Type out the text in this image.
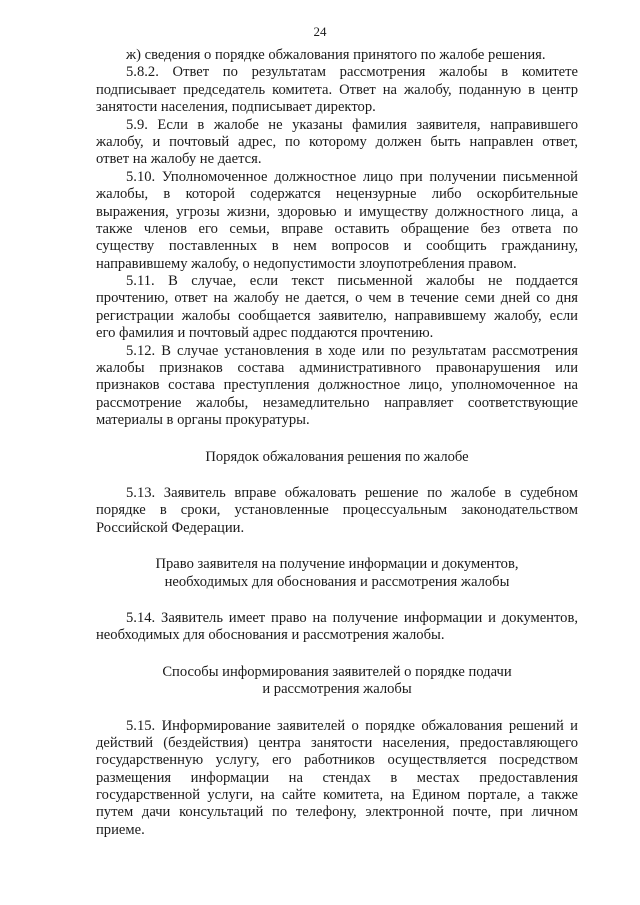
24
ж) сведения о порядке обжалования принятого по жалобе решения.
5.8.2. Ответ по результатам рассмотрения жалобы в комитете
подписывает председатель комитета. Ответ на жалобу, поданную в центр
занятости населения, подписывает директор.
5.9. Если в жалобе не указаны фамилия заявителя, направившего
жалобу, и почтовый адрес, по которому должен быть направлен ответ,
ответ на жалобу не дается.
5.10. Уполномоченное должностное лицо при получении письменной
жалобы, в которой содержатся нецензурные либо оскорбительные
выражения, угрозы жизни, здоровью и имуществу должностного лица, а
также членов его семьи, вправе оставить обращение без ответа по
существу поставленных в нем вопросов и сообщить гражданину,
направившему жалобу, о недопустимости злоупотребления правом.
5.11. В случае, если текст письменной жалобы не поддается
прочтению, ответ на жалобу не дается, о чем в течение семи дней со дня
регистрации жалобы сообщается заявителю, направившему жалобу, если
его фамилия и почтовый адрес поддаются прочтению.
5.12. В случае установления в ходе или по результатам рассмотрения
жалобы признаков состава административного правонарушения или
признаков состава преступления должностное лицо, уполномоченное на
рассмотрение жалобы, незамедлительно направляет соответствующие
материалы в органы прокуратуры.
Порядок обжалования решения по жалобе
5.13. Заявитель вправе обжаловать решение по жалобе в судебном
порядке в сроки, установленные процессуальным законодательством
Российской Федерации.
Право заявителя на получение информации и документов,
необходимых для обоснования и рассмотрения жалобы
5.14. Заявитель имеет право на получение информации и документов,
необходимых для обоснования и рассмотрения жалобы.
Способы информирования заявителей о порядке подачи
и рассмотрения жалобы
5.15. Информирование заявителей о порядке обжалования решений и
действий (бездействия) центра занятости населения, предоставляющего
государственную услугу, его работников осуществляется посредством
размещения информации на стендах в местах предоставления
государственной услуги, на сайте комитета, на Едином портале, а также
путем дачи консультаций по телефону, электронной почте, при личном
приеме.
